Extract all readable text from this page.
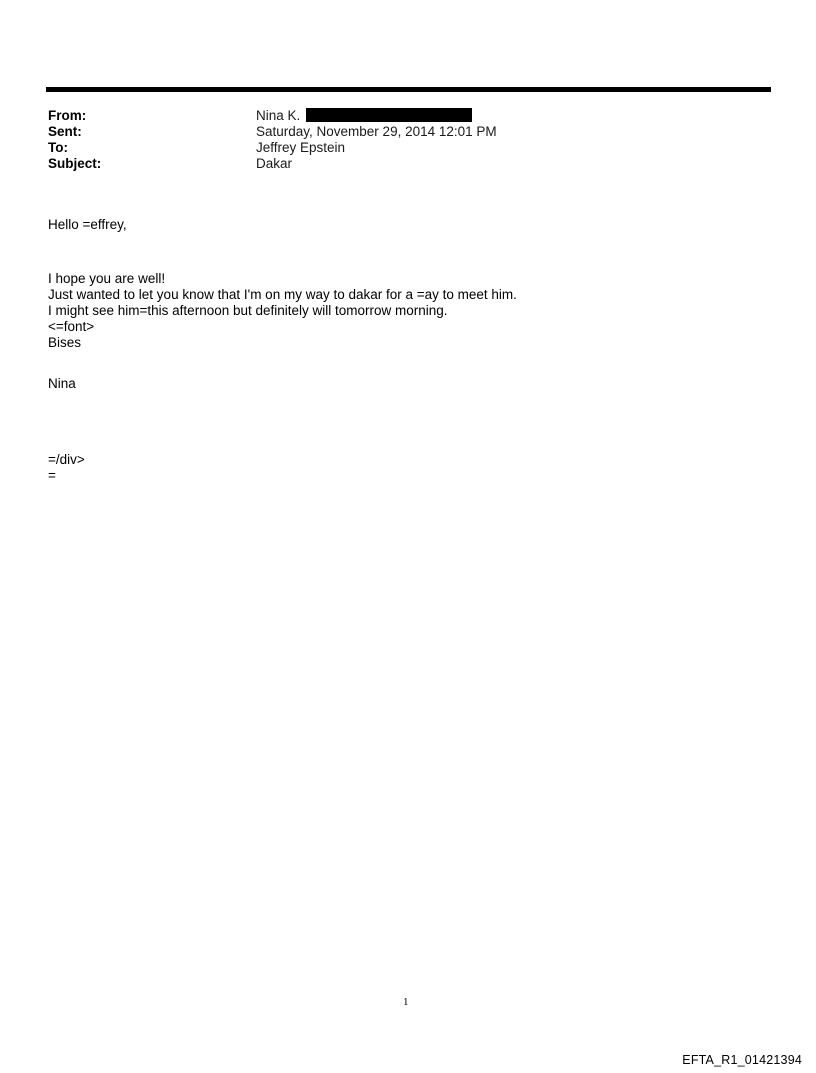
From:	Nina K.
Sent:	Saturday, November 29, 2014 12:01 PM
To:	Jeffrey Epstein
Subject:	Dakar
Hello =effrey,
I hope you are well!
Just wanted to let you know that I'm on my way to dakar for a =ay to meet him.
I might see him=this afternoon but definitely will tomorrow morning.
<=font>
Bises
Nina
=/div>
=
1
EFTA_R1_01421394
